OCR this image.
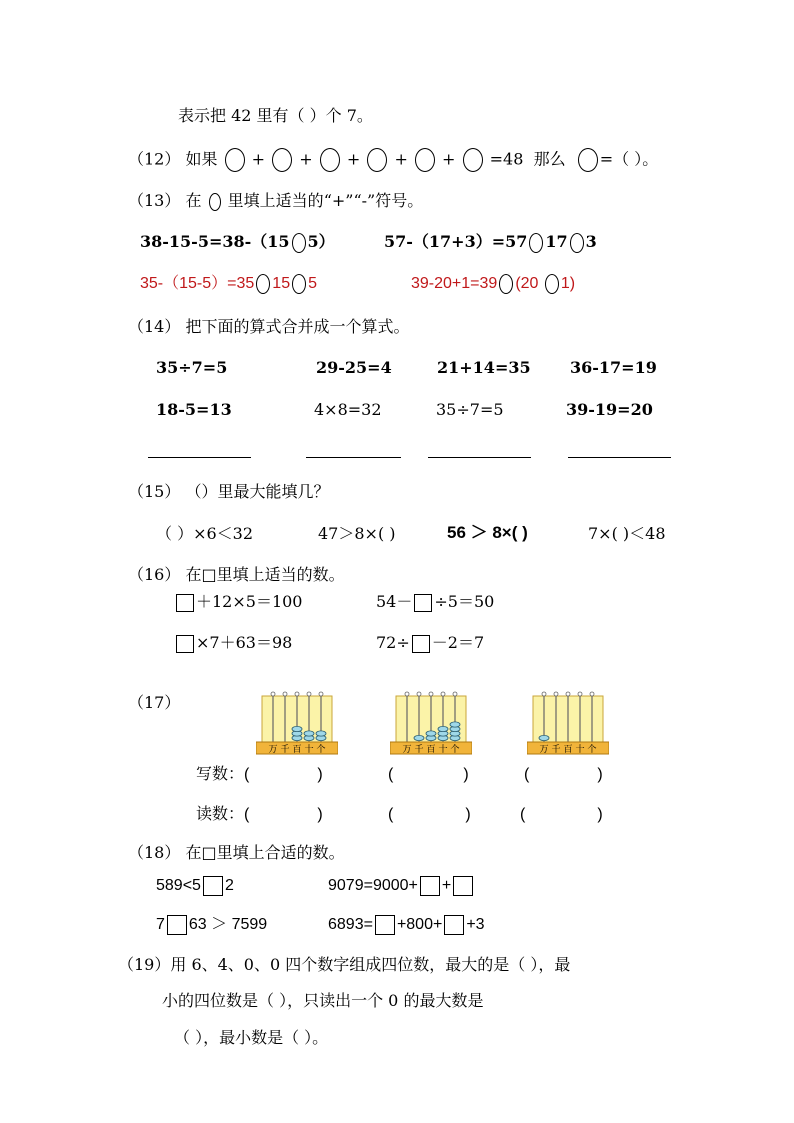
表示把 42 里有（ ）个 7。
（12） 如果 + + + + + =48 那么 =（ ）。
（13） 在 里填上适当的“+”“-”符号。
38-15-5=38-（15 5）	57-（17+3）=57 17 3
35-（15-5）=35 15 5	39-20+1=39 (20 1)
（14） 把下面的算式合并成一个算式。
35÷7=5	29-25=4	21+14=35 36-17=19
18-5=13	4×8=32	35÷7=5	39-19=20
（15） （）里最大能填几？
（ ）×6＜32	47＞8×( )	56 ＞ 8×( )	7×( )＜48
（16） 在□里填上适当的数。
＋12×5＝100	54－ ÷5＝50
×7＋63＝98	72÷ －2＝7
（17）
万 千 百 十 个	万 千 百 十 个	万 千 百 十 个
写数：(	)	(	)	(	)
读数：(	)	(	)	(	)
（18） 在□里填上合适的数。
589<5 2	9079=9000+ +
7 63 ＞ 7599	6893= +800+ +3
（19）用 6、4、0、0 四个数字组成四位数，最大的是（ ），最
小的四位数是（ ），只读出一个 0 的最大数是
（ ），最小数是（ ）。
